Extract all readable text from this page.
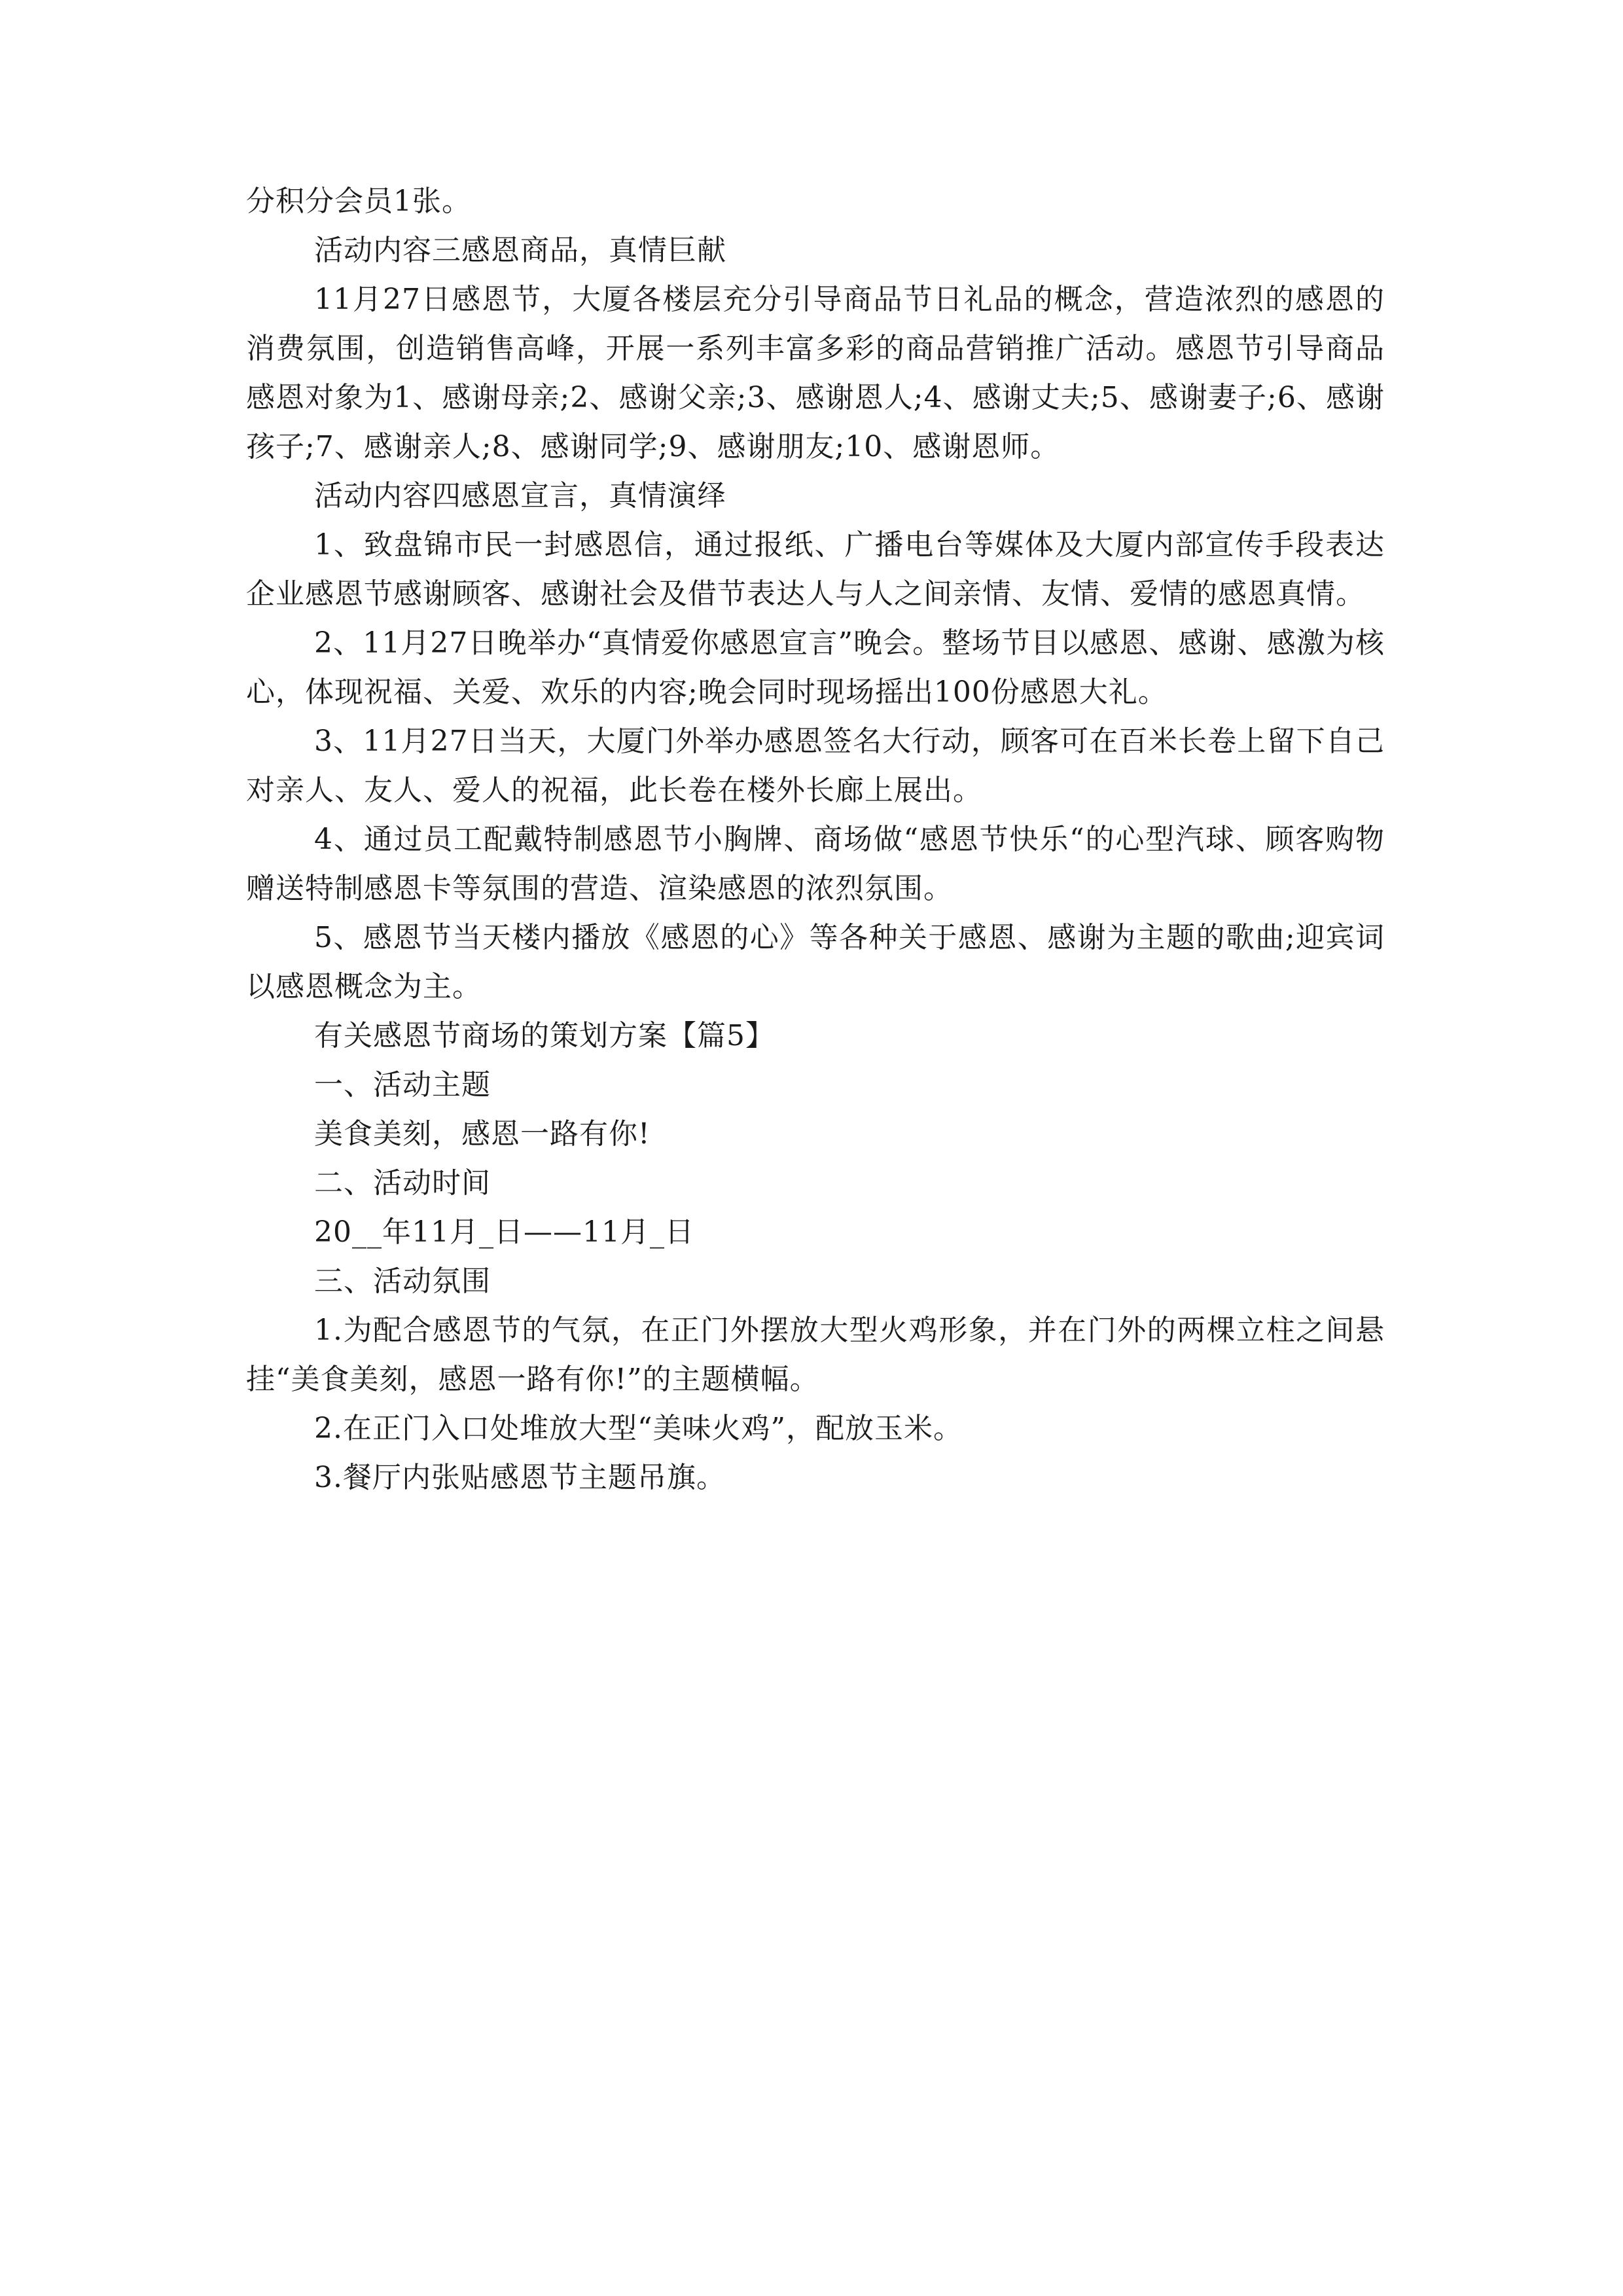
分积分会员1张。

活动内容三感恩商品，真情巨献

11月27日感恩节，大厦各楼层充分引导商品节日礼品的概念，营造浓烈的感恩的消费氛围，创造销售高峰，开展一系列丰富多彩的商品营销推广活动。感恩节引导商品感恩对象为1、感谢母亲;2、感谢父亲;3、感谢恩人;4、感谢丈夫;5、感谢妻子;6、感谢孩子;7、感谢亲人;8、感谢同学;9、感谢朋友;10、感谢恩师。

活动内容四感恩宣言，真情演绎

1、致盘锦市民一封感恩信，通过报纸、广播电台等媒体及大厦内部宣传手段表达企业感恩节感谢顾客、感谢社会及借节表达人与人之间亲情、友情、爱情的感恩真情。

2、11月27日晚举办“真情爱你感恩宣言”晚会。整场节目以感恩、感谢、感激为核心，体现祝福、关爱、欢乐的内容;晚会同时现场摇出100份感恩大礼。

3、11月27日当天，大厦门外举办感恩签名大行动，顾客可在百米长卷上留下自己对亲人、友人、爱人的祝福，此长卷在楼外长廊上展出。

4、通过员工配戴特制感恩节小胸牌、商场做“感恩节快乐“的心型汽球、顾客购物赠送特制感恩卡等氛围的营造、渲染感恩的浓烈氛围。

5、感恩节当天楼内播放《感恩的心》等各种关于感恩、感谢为主题的歌曲;迎宾词以感恩概念为主。

有关感恩节商场的策划方案【篇5】

一、活动主题

美食美刻，感恩一路有你!

二、活动时间

20__年11月_日——11月_日

三、活动氛围

1.为配合感恩节的气氛，在正门外摆放大型火鸡形象，并在门外的两棵立柱之间悬挂“美食美刻，感恩一路有你!”的主题横幅。

2.在正门入口处堆放大型“美味火鸡”，配放玉米。

3.餐厅内张贴感恩节主题吊旗。
